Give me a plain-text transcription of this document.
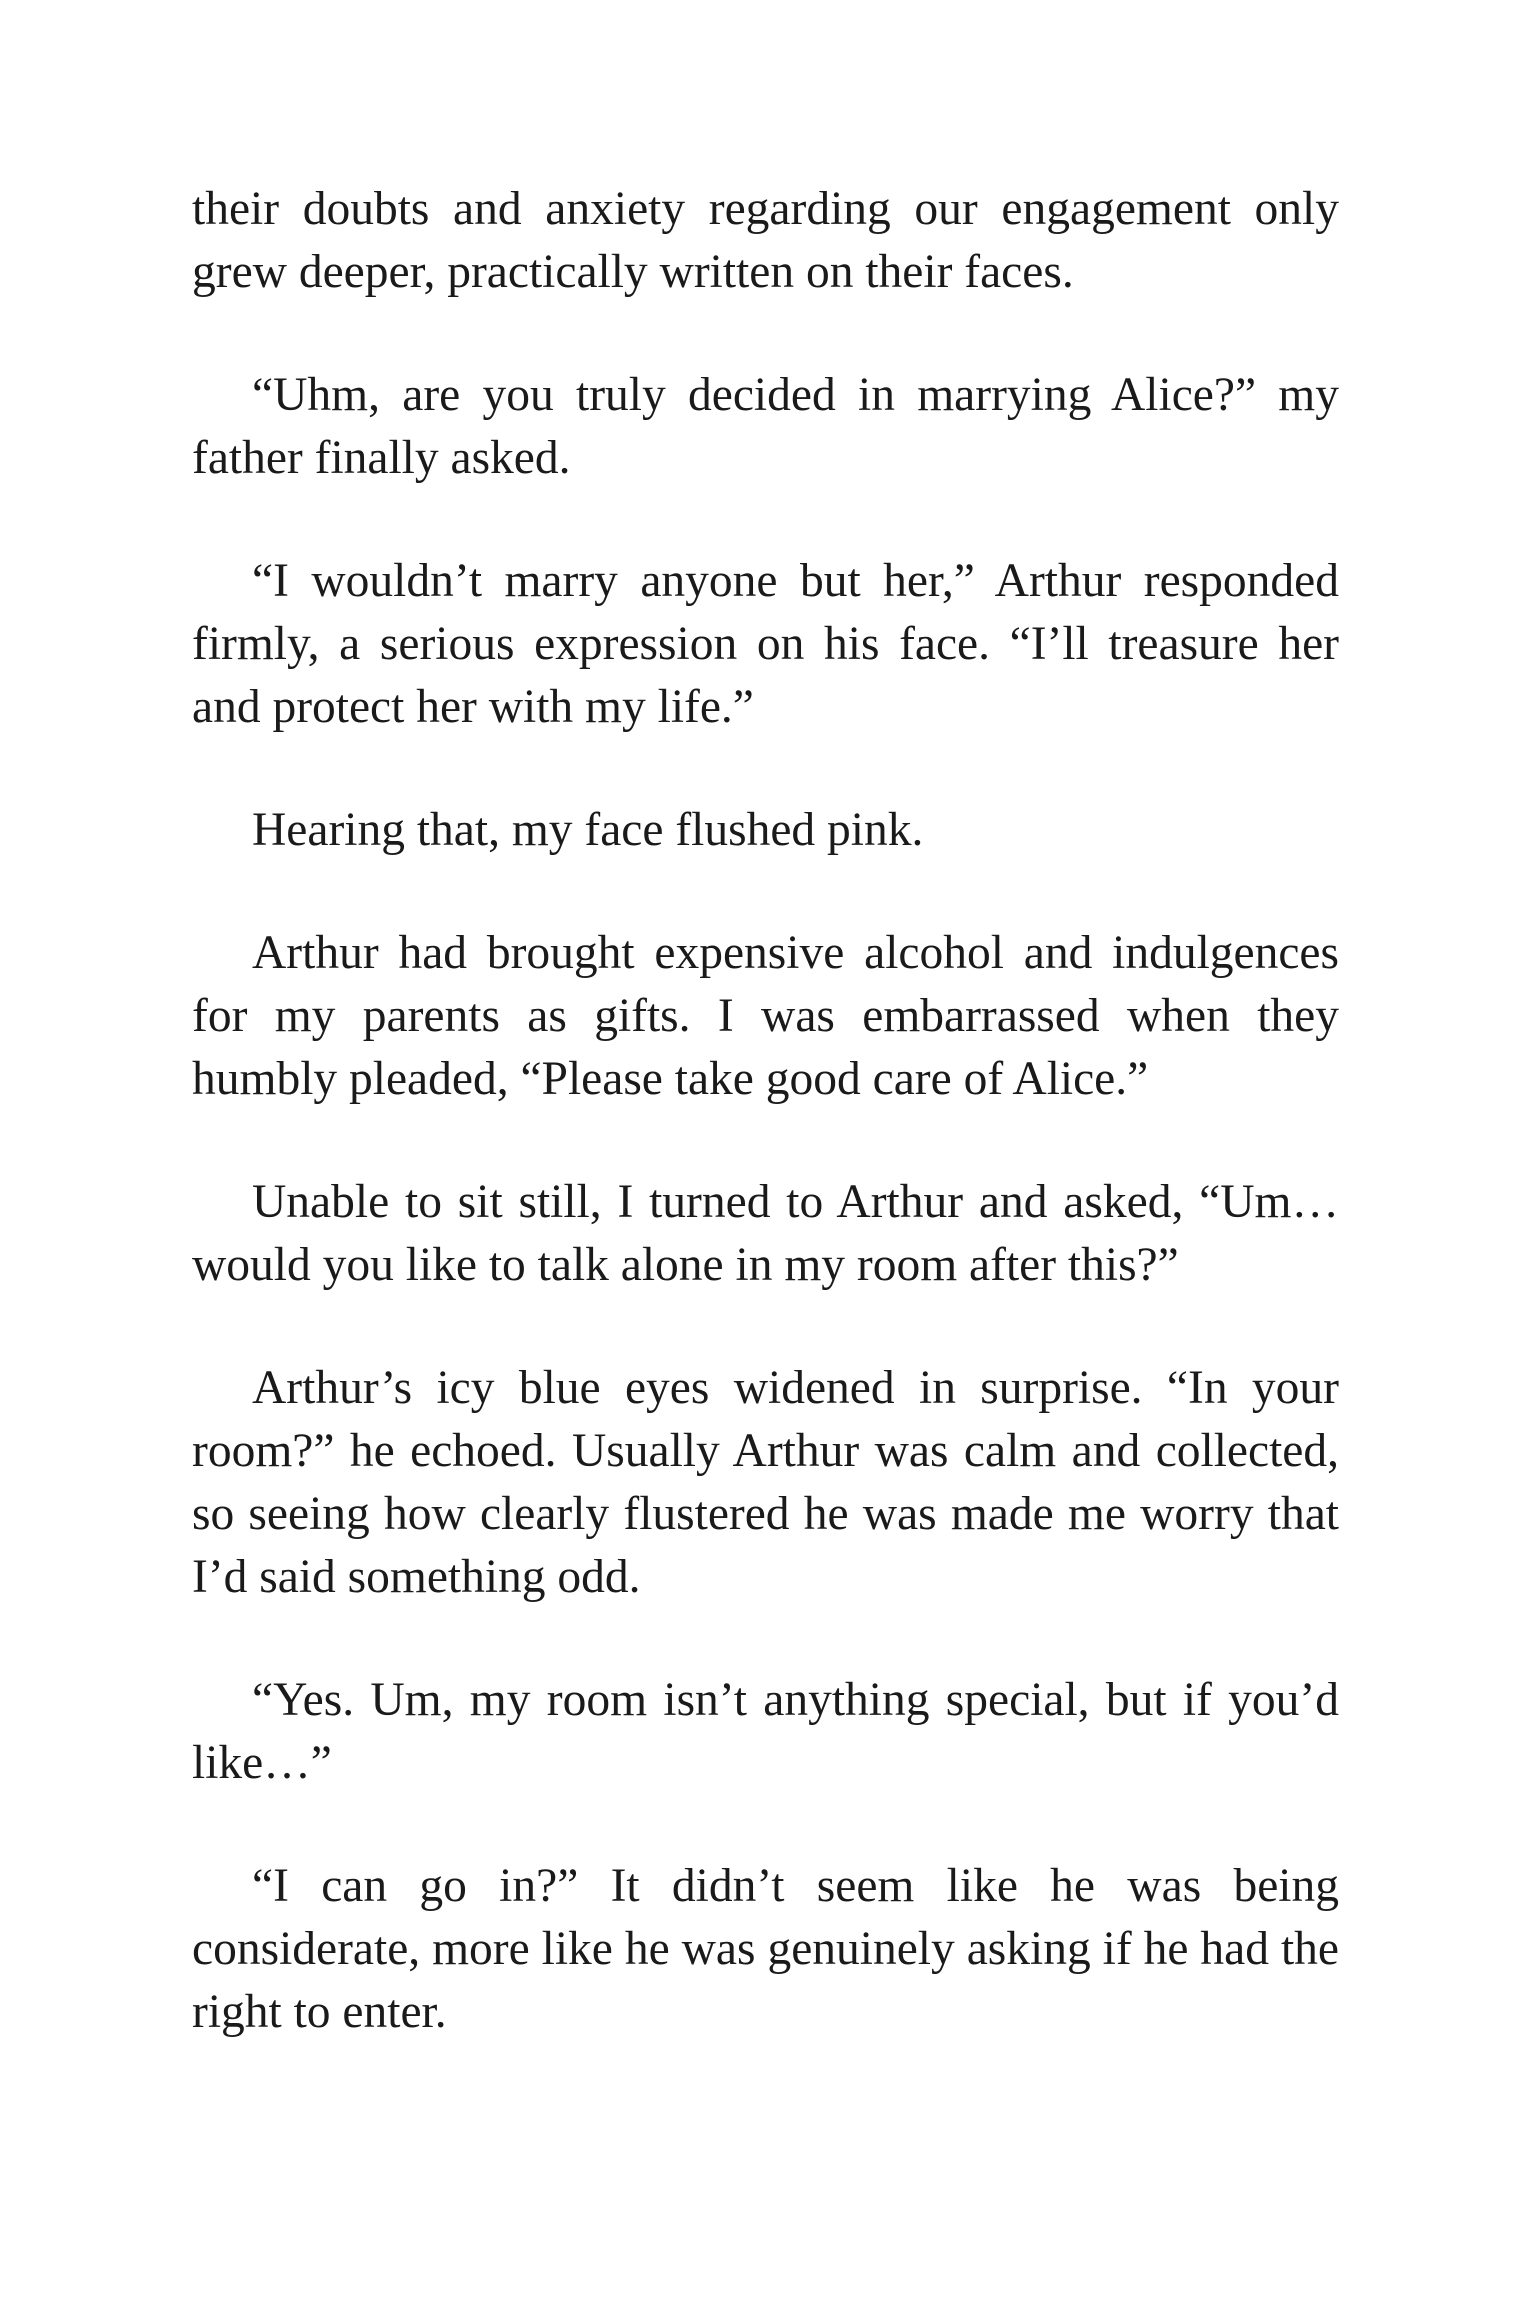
their doubts and anxiety regarding our engagement only grew deeper, practically written on their faces.

“Uhm, are you truly decided in marrying Alice?” my father finally asked.

“I wouldn’t marry anyone but her,” Arthur responded firmly, a serious expression on his face. “I’ll treasure her and protect her with my life.”

Hearing that, my face flushed pink.

Arthur had brought expensive alcohol and indulgences for my parents as gifts. I was embarrassed when they humbly pleaded, “Please take good care of Alice.”

Unable to sit still, I turned to Arthur and asked, “Um… would you like to talk alone in my room after this?”

Arthur’s icy blue eyes widened in surprise. “In your room?” he echoed. Usually Arthur was calm and collected, so seeing how clearly flustered he was made me worry that I’d said something odd.

“Yes. Um, my room isn’t anything special, but if you’d like…”

“I can go in?” It didn’t seem like he was being considerate, more like he was genuinely asking if he had the right to enter.
